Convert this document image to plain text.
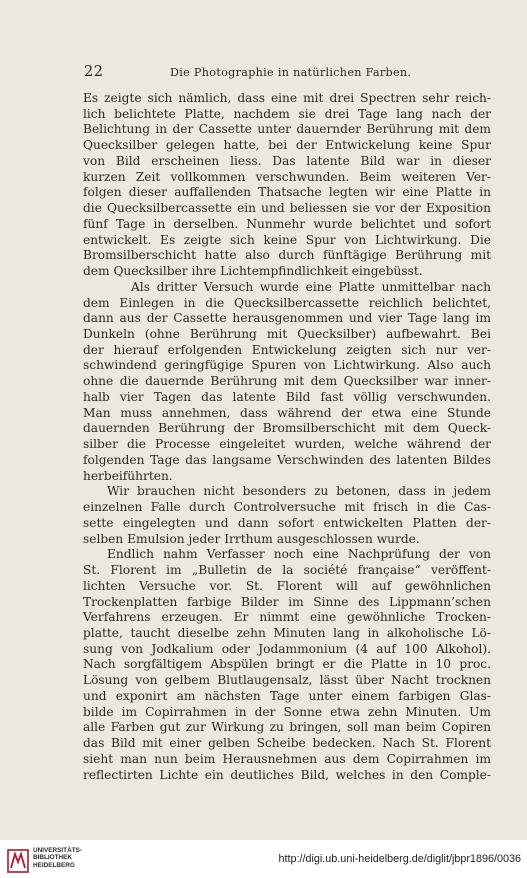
22	Die Photographie in natürlichen Farben.
Es zeigte sich nämlich, dass eine mit drei Spectren sehr reich-
lich belichtete Platte, nachdem sie drei Tage lang nach der
Belichtung in der Cassette unter dauernder Berührung mit dem
Quecksilber gelegen hatte, bei der Entwickelung keine Spur
von Bild erscheinen liess. Das latente Bild war in dieser
kurzen Zeit vollkommen verschwunden. Beim weiteren Ver-
folgen dieser auffallenden Thatsache legten wir eine Platte in
die Quecksilbercassette ein und beliessen sie vor der Exposition
fünf Tage in derselben. Nunmehr wurde belichtet und sofort
entwickelt. Es zeigte sich keine Spur von Lichtwirkung. Die
Bromsilberschicht hatte also durch fünftägige Berührung mit
dem Quecksilber ihre Lichtempfindlichkeit eingebüsst.
Als dritter Versuch wurde eine Platte unmittelbar nach
dem Einlegen in die Quecksilbercassette reichlich belichtet,
dann aus der Cassette herausgenommen und vier Tage lang im
Dunkeln (ohne Berührung mit Quecksilber) aufbewahrt. Bei
der hierauf erfolgenden Entwickelung zeigten sich nur ver-
schwindend geringfügige Spuren von Lichtwirkung. Also auch
ohne die dauernde Berührung mit dem Quecksilber war inner-
halb vier Tagen das latente Bild fast völlig verschwunden.
Man muss annehmen, dass während der etwa eine Stunde
dauernden Berührung der Bromsilberschicht mit dem Queck-
silber die Processe eingeleitet wurden, welche während der
folgenden Tage das langsame Verschwinden des latenten Bildes
herbeiführten.
Wir brauchen nicht besonders zu betonen, dass in jedem
einzelnen Falle durch Controlversuche mit frisch in die Cas-
sette eingelegten und dann sofort entwickelten Platten der-
selben Emulsion jeder Irrthum ausgeschlossen wurde.
Endlich nahm Verfasser noch eine Nachprüfung der von
St. Florent im „Bulletin de la société française“ veröffent-
lichten Versuche vor. St. Florent will auf gewöhnlichen
Trockenplatten farbige Bilder im Sinne des Lippmann’schen
Verfahrens erzeugen. Er nimmt eine gewöhnliche Trocken-
platte, taucht dieselbe zehn Minuten lang in alkoholische Lö-
sung von Jodkalium oder Jodammonium (4 auf 100 Alkohol).
Nach sorgfältigem Abspülen bringt er die Platte in 10 proc.
Lösung von gelbem Blutlaugensalz, lässt über Nacht trocknen
und exponirt am nächsten Tage unter einem farbigen Glas-
bilde im Copirrahmen in der Sonne etwa zehn Minuten. Um
alle Farben gut zur Wirkung zu bringen, soll man beim Copiren
das Bild mit einer gelben Scheibe bedecken. Nach St. Florent
sieht man nun beim Herausnehmen aus dem Copirrahmen im
reflectirten Lichte ein deutliches Bild, welches in den Comple-
UNIVERSITÄTS-
BIBLIOTHEK
HEIDELBERG
http://digi.ub.uni-heidelberg.de/diglit/jbpr1896/0036
